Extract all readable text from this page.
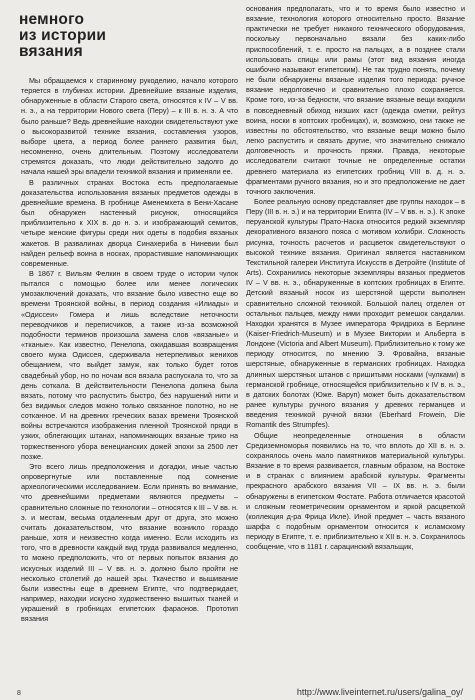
немного
из истории
вязания

Мы обращаемся к старинному рукоделию, начало которого теряется в глубинах истории. Древнейшие вязаные изделия, обнаруженные в области Старого света, относятся к IV – V вв. н. э., а на территории Нового света (Перу) – к III в. н. э. А что было раньше? Ведь древнейшие находки свидетельствуют уже о высокоразвитой технике вязания, составления узоров, выборе цвета, а период более раннего развития был, несомненно, очень длительным. Поэтому исследователи стремятся доказать, что люди действительно задолго до начала нашей эры владели техникой вязания и применяли ее.

В различных странах Востока есть предполагаемые доказательства использования вязаных предметов одежды в древнейшие времена. В гробнице Аменемхета в Бени-Хасане был обнаружен настенный рисунок, относящийся приблизительно к XIX в. до н. э. и изображающий семитов, четыре женские фигуры среди них одеты в подобия вязаных жакетов. В развалинах дворца Синахериба в Ниневии был найден рельеф воина в носках, прорастившие напоминающих современные.

В 1867 г. Вильям Фелкин в своем труде о истории чулок пытался с помощью более или менее логических умозаключений доказать, что вязание было известно еще во времени Троянской войны, в период создания «Илиады» и «Одиссеи» Гомера и лишь вследствие неточности переводчиков и переписчиков, а также из-за возможной подобности терминов произошла замена слов «вязаные» и «тканые». Как известно, Пенелопа, ожидавшая возвращения своего мужа Одиссея, сдерживала нетерпеливых женихов обещанием, что выйдет замуж, как только будет готов свадебный убор, но по ночам вся вязала распускала то, что за день соткала. В действительности Пенелопа должна была вязать, потому что распустить быстро, без нарушений нити и без видимых следов можно только связанное полотно, но не сотканное. И на древних греческих вазах времени Троянской войны встречаются изображения пленной Троянской пряди в узких, облегающих штанах, напоминающих вязаные трико на торжественного убора венецианских дожей эпохи за 2500 лет позже.

Это всего лишь предположения и догадки, иные частью опровергнутые или поставленные под сомнение археологическими исследованием. Если принять во внимание, что древнейшими предметами являются предметы – сравнительно сложные по технологии – относятся к III – V вв. н. э. и местам, весьма отдаленным друг от друга, это можно считать доказательством, что вязание возникло гораздо раньше, хотя и неизвестно когда именно. Если исходить из того, что в древности каждый вид труда развивался медленно, то можно предположить, что от первых попыток вязания до искусных изделий III – V вв. н. э. должно было пройти не несколько столетий до нашей эры. Ткачество и вышивание были известны еще в древнем Египте, что подтверждает, например, находки искусно художественно вышитых тканей и украшений в гробницах египетских фараонов. Прототип вязания

основания предполагать, что и то время было известно и вязание, технология которого относительно просто. Вязание практически не требует никакого технического оборудования, поскольку первоначально вязали без каких-либо приспособлений, т. е. просто на пальцах, а в позднее стали использовать спицы или рамы (этот вид вязания иногда ошибочно называют египетским). Не так трудно понять, почему не были обнаружены вязаные изделия того периода: ручное вязание недолговечно и сравнительно плохо сохраняется. Кроме того, из-за бедности, что вязание вязаные вещи входили в повседневный обиход низших каст (одежда сметки, рейтуз воина, носки в коптских гробницах), и, возможно, они также не известны по обстоятельство, что вязаные вещи можно было легко распустить и связать другие, что значительно снижало долговечность и прочность пряжи. Правда, некоторые исследователи считают точные не определенные остатки древнего материала из египетских гробниц VIII в. д. н. э. фрагментами ручного вязания, но и это предположение не дает точного заключения.

Более реальную основу представляет две группы находок – в Перу (III в. н. э.) и на территории Египта (IV – V вв. н. э.). К эпохе перуанской культуры Прато-Наска относится редкий экземпляр декоративного вязаного пояса с мотивом колибри. Сложность рисунка, точность расчетов и расцветок свидетельствуют о высокой технике вязания. Оригинал является наставником Текстильной галереи Института Искусств в Детройте (Institute of Arts). Сохранились некоторые экземпляры вязаных предметов IV – V вв. н. э., обнаруженные в коптских гробницах в Египте. Детский вязаный носок из шерстяной щерсти выполнен сравнительно сложной техникой. Большой палец отделен от остальных пальцев, между ними проходит ремешок сандалии. Находки хранятся в Музее императора Фридриха в Берлине (Kaiser-Friedrich-Museum) и в Музее Виктории и Альберта в Лондоне (Victoria and Albert Museum). Приблизительно к тому же периоду относится, по мнению Э. Фровайна, вязаные шерстяные, обнаруженные в германских гробницах. Находка длинных шерстяных штанов с пришитыми носками (чулками) в германской гробнице, относящейся приблизительно к IV в. н. э., в датских болотах (Юже. Варуп) может быть доказательством ранее культуры ручного вязания у древних германцев и введения техникой ручной вязки (Eberhard Frowein, Die Romantik des Strumpfes).

Общие неопределенные отношения в области Средиземноморья появились на то, что вплоть до XII в. н. э. сохранялось очень мало памятников материальной культуры. Вязание в то время развивается, главным образом, на Востоке и в странах с влиянием арабской культуры. Фрагменты прекрасного арабского вязания VII – IX вв. н. э. были обнаружены в египетском Фостате. Работа отличается красотой и сложным геометрическим орнаментом и яркой расцветкой (коллекция д-ра Фрица Икле). Иной предмет – часть вязаного шарфа с подобным орнаментом относится к исламскому периоду в Египте, т. е. приблизительно к XII в. н. э. Сохранилось сообщение, что в 1181 г. сарацинский вязальщик,

8	http://www.liveinternet.ru/users/galina_oy/
